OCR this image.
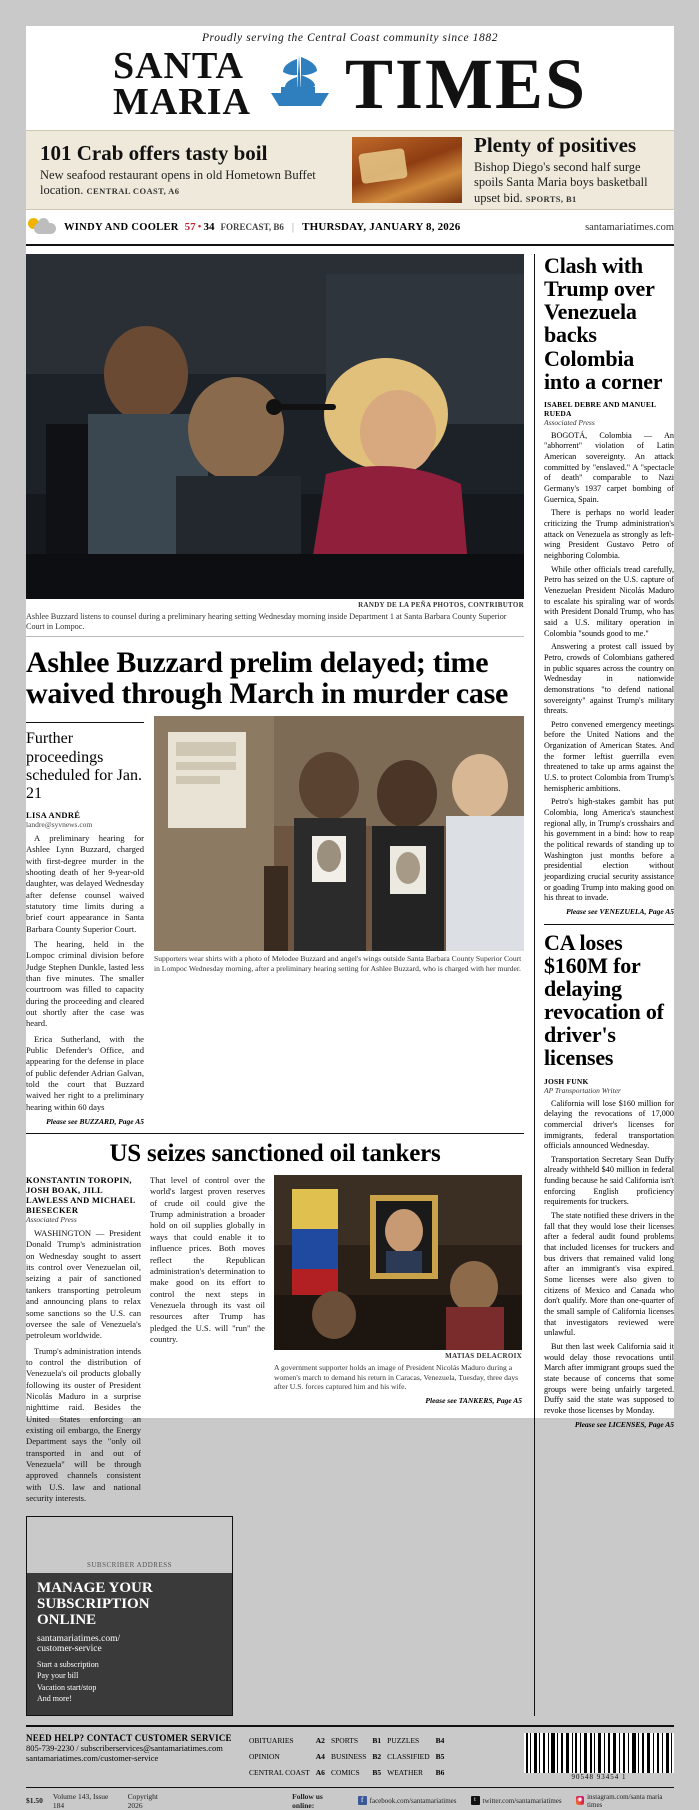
Proudly serving the Central Coast community since 1882
SANTA
MARIA TIMES
101 Crab offers tasty boil
New seafood restaurant opens in old Hometown Buffet location. CENTRAL COAST, A6
Plenty of positives
Bishop Diego's second half surge spoils Santa Maria boys basketball upset bid. SPORTS, B1
WINDY AND COOLER 57 • 34 FORECAST, B6 | THURSDAY, JANUARY 8, 2026	santamariatimes.com
RANDY DE LA PEÑA PHOTOS, CONTRIBUTOR
Ashlee Buzzard listens to counsel during a preliminary hearing setting Wednesday morning inside Department 1 at Santa Barbara County Superior Court in Lompoc.
Ashlee Buzzard prelim delayed; time waived through March in murder case
Further proceedings scheduled for Jan. 21
LISA ANDRÉ
landre@syvnews.com

A preliminary hearing for Ashlee Lynn Buzzard, charged with first-degree murder in the shooting death of her 9-year-old daughter, was delayed Wednesday after defense counsel waived statutory time limits during a brief court appearance in Santa Barbara County Superior Court.

The hearing, held in the Lompoc criminal division before Judge Stephen Dunkle, lasted less than five minutes. The smaller courtroom was filled to capacity during the proceeding and cleared out shortly after the case was heard.

Erica Sutherland, with the Public Defender's Office, and appearing for the defense in place of public defender Adrian Galvan, told the court that Buzzard waived her right to a preliminary hearing within 60 days

Please see BUZZARD, Page A5
Supporters wear shirts with a photo of Melodee Buzzard and angel's wings outside Santa Barbara County Superior Court in Lompoc Wednesday morning, after a preliminary hearing setting for Ashlee Buzzard, who is charged with her murder.
US seizes sanctioned oil tankers
KONSTANTIN TOROPIN, JOSH BOAK, JILL LAWLESS AND MICHAEL BIESECKER
Associated Press

WASHINGTON — President Donald Trump's administration on Wednesday sought to assert its control over Venezuelan oil, seizing a pair of sanctioned tankers transporting petroleum and announcing plans to relax some sanctions so the U.S. can oversee the sale of Venezuela's petroleum worldwide.

Trump's administration intends to control the distribution of Venezuela's oil products globally following its ouster of President Nicolás Maduro in a surprise nighttime raid. Besides the United States enforcing an existing oil embargo, the Energy Department says the "only oil transported in and out of Venezuela" will be through approved channels consistent with U.S. law and national security interests.

That level of control over the world's largest proven reserves of crude oil could give the Trump administration a broader hold on oil supplies globally in ways that could enable it to influence prices. Both moves reflect the Republican administration's determination to make good on its effort to control the next steps in Venezuela through its vast oil resources after Trump has pledged the U.S. will "run" the country.

MATIAS DELACROIX
A government supporter holds an image of President Nicolás Maduro during a women's march to demand his return in Caracas, Venezuela, Tuesday, three days after U.S. forces captured him and his wife.
Please see TANKERS, Page A5
SUBSCRIBER ADDRESS
MANAGE YOUR
SUBSCRIPTION
ONLINE
santamariatimes.com/
customer-service
Start a subscription
Pay your bill
Vacation start/stop
And more!
Clash with Trump over Venezuela backs Colombia into a corner
ISABEL DEBRE AND MANUEL RUEDA
Associated Press

BOGOTÁ, Colombia — An "abhorrent" violation of Latin American sovereignty. An attack committed by "enslaved." A "spectacle of death" comparable to Nazi Germany's 1937 carpet bombing of Guernica, Spain.

There is perhaps no world leader criticizing the Trump administration's attack on Venezuela as strongly as left-wing President Gustavo Petro of neighboring Colombia.

While other officials tread carefully, Petro has seized on the U.S. capture of Venezuelan President Nicolás Maduro to escalate his spiraling war of words with President Donald Trump, who has said a U.S. military operation in Colombia "sounds good to me."

Answering a protest call issued by Petro, crowds of Colombians gathered in public squares across the country on Wednesday in nationwide demonstrations "to defend national sovereignty" against Trump's military threats.

Petro convened emergency meetings before the United Nations and the Organization of American States. And the former leftist guerrilla even threatened to take up arms against the U.S. to protect Colombia from Trump's hemispheric ambitions.

Petro's high-stakes gambit has put Colombia, long America's staunchest regional ally, in Trump's crosshairs and his government in a bind: how to reap the political rewards of standing up to Washington just months before a presidential election without jeopardizing crucial security assistance or goading Trump into making good on his threat to invade.

Please see VENEZUELA, Page A5
CA loses $160M for delaying revocation of driver's licenses
JOSH FUNK
AP Transportation Writer

California will lose $160 million for delaying the revocations of 17,000 commercial driver's licenses for immigrants, federal transportation officials announced Wednesday.

Transportation Secretary Sean Duffy already withheld $40 million in federal funding because he said California isn't enforcing English proficiency requirements for truckers.

The state notified these drivers in the fall that they would lose their licenses after a federal audit found problems that included licenses for truckers and bus drivers that remained valid long after an immigrant's visa expired. Some licenses were also given to citizens of Mexico and Canada who don't qualify. More than one-quarter of the small sample of California licenses that investigators reviewed were unlawful.

But then last week California said it would delay those revocations until March after immigrant groups sued the state because of concerns that some groups were being unfairly targeted. Duffy said the state was supposed to revoke those licenses by Monday.

Please see LICENSES, Page A5
NEED HELP? CONTACT CUSTOMER SERVICE
805-739-2230 / subscriberservices@santamariatimes.com
santamariatimes.com/customer-service
OBITUARIES	A2	SPORTS	B1	PUZZLES	B4
OPINION	A4	BUSINESS	B2	CLASSIFIED	B5
CENTRAL COAST	A6	COMICS	B5	WEATHER	B6	90548 93454 1
$1.50 Volume 143, Issue 184
Copyright 2026
Follow us online:
f facebook.com/santamariatimes	t twitter.com/santamariatimes	◉ instagram.com/santa maria times
